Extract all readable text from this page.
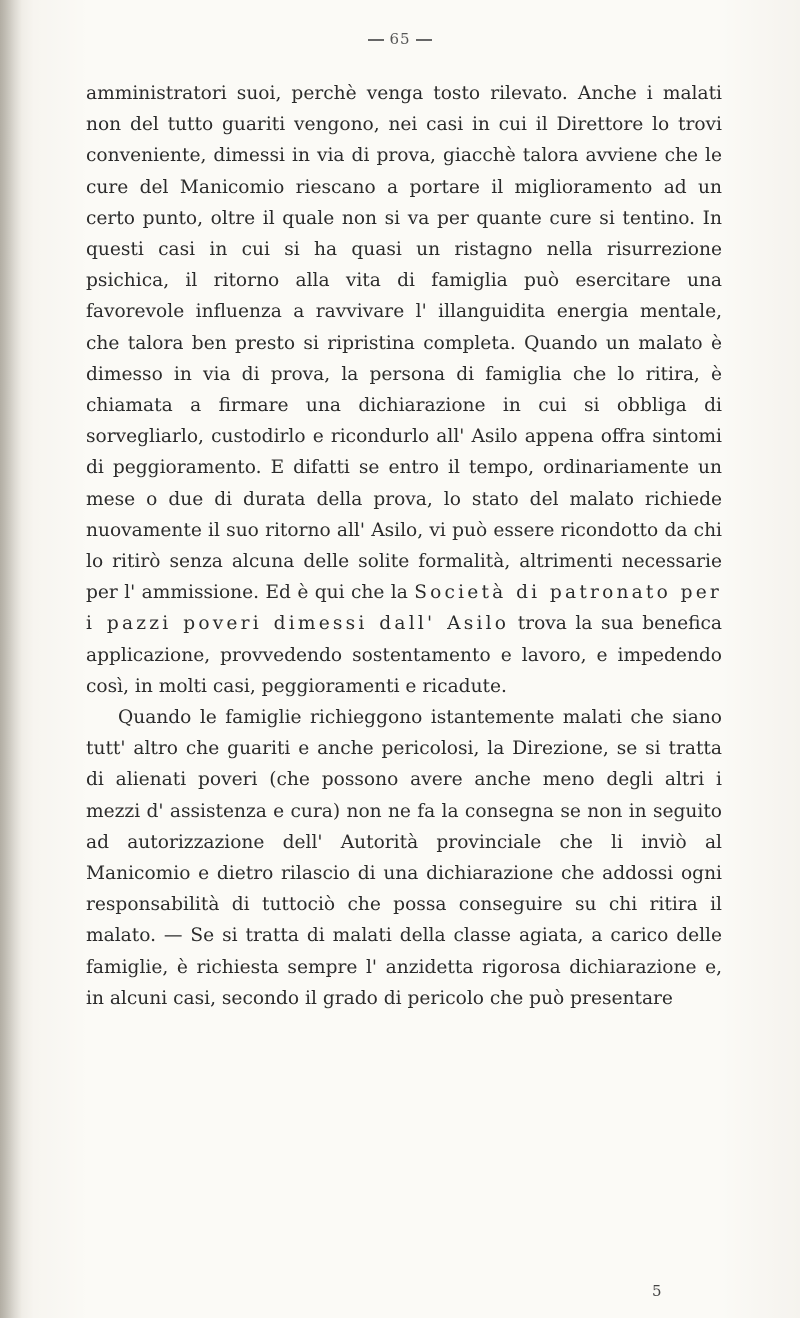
65

amministratori suoi, perchè venga tosto rilevato. Anche i malati non del tutto guariti vengono, nei casi in cui il Direttore lo trovi conveniente, dimessi in via di prova, giacchè talora avviene che le cure del Manicomio riescano a portare il miglioramento ad un certo punto, oltre il quale non si va per quante cure si tentino. In questi casi in cui si ha quasi un ristagno nella risurrezione psichica, il ritorno alla vita di famiglia può esercitare una favorevole influenza a ravvivare l' illanguidita energia mentale, che talora ben presto si ripristina completa. Quando un malato è dimesso in via di prova, la persona di famiglia che lo ritira, è chiamata a firmare una dichiarazione in cui si obbliga di sorvegliarlo, custodirlo e ricondurlo all' Asilo appena offra sintomi di peggioramento. E difatti se entro il tempo, ordinariamente un mese o due di durata della prova, lo stato del malato richiede nuovamente il suo ritorno all' Asilo, vi può essere ricondotto da chi lo ritirò senza alcuna delle solite formalità, altrimenti necessarie per l' ammissione. Ed è qui che la Società di patronato per i pazzi poveri dimessi dall' Asilo trova la sua benefica applicazione, provvedendo sostentamento e lavoro, e impedendo così, in molti casi, peggioramenti e ricadute.

Quando le famiglie richieggono istantemente malati che siano tutt' altro che guariti e anche pericolosi, la Direzione, se si tratta di alienati poveri (che possono avere anche meno degli altri i mezzi d' assistenza e cura) non ne fa la consegna se non in seguito ad autorizzazione dell' Autorità provinciale che li inviò al Manicomio e dietro rilascio di una dichiarazione che addossi ogni responsabilità di tuttociò che possa conseguire su chi ritira il malato. — Se si tratta di malati della classe agiata, a carico delle famiglie, è richiesta sempre l' anzidetta rigorosa dichiarazione e, in alcuni casi, secondo il grado di pericolo che può presentare

5
